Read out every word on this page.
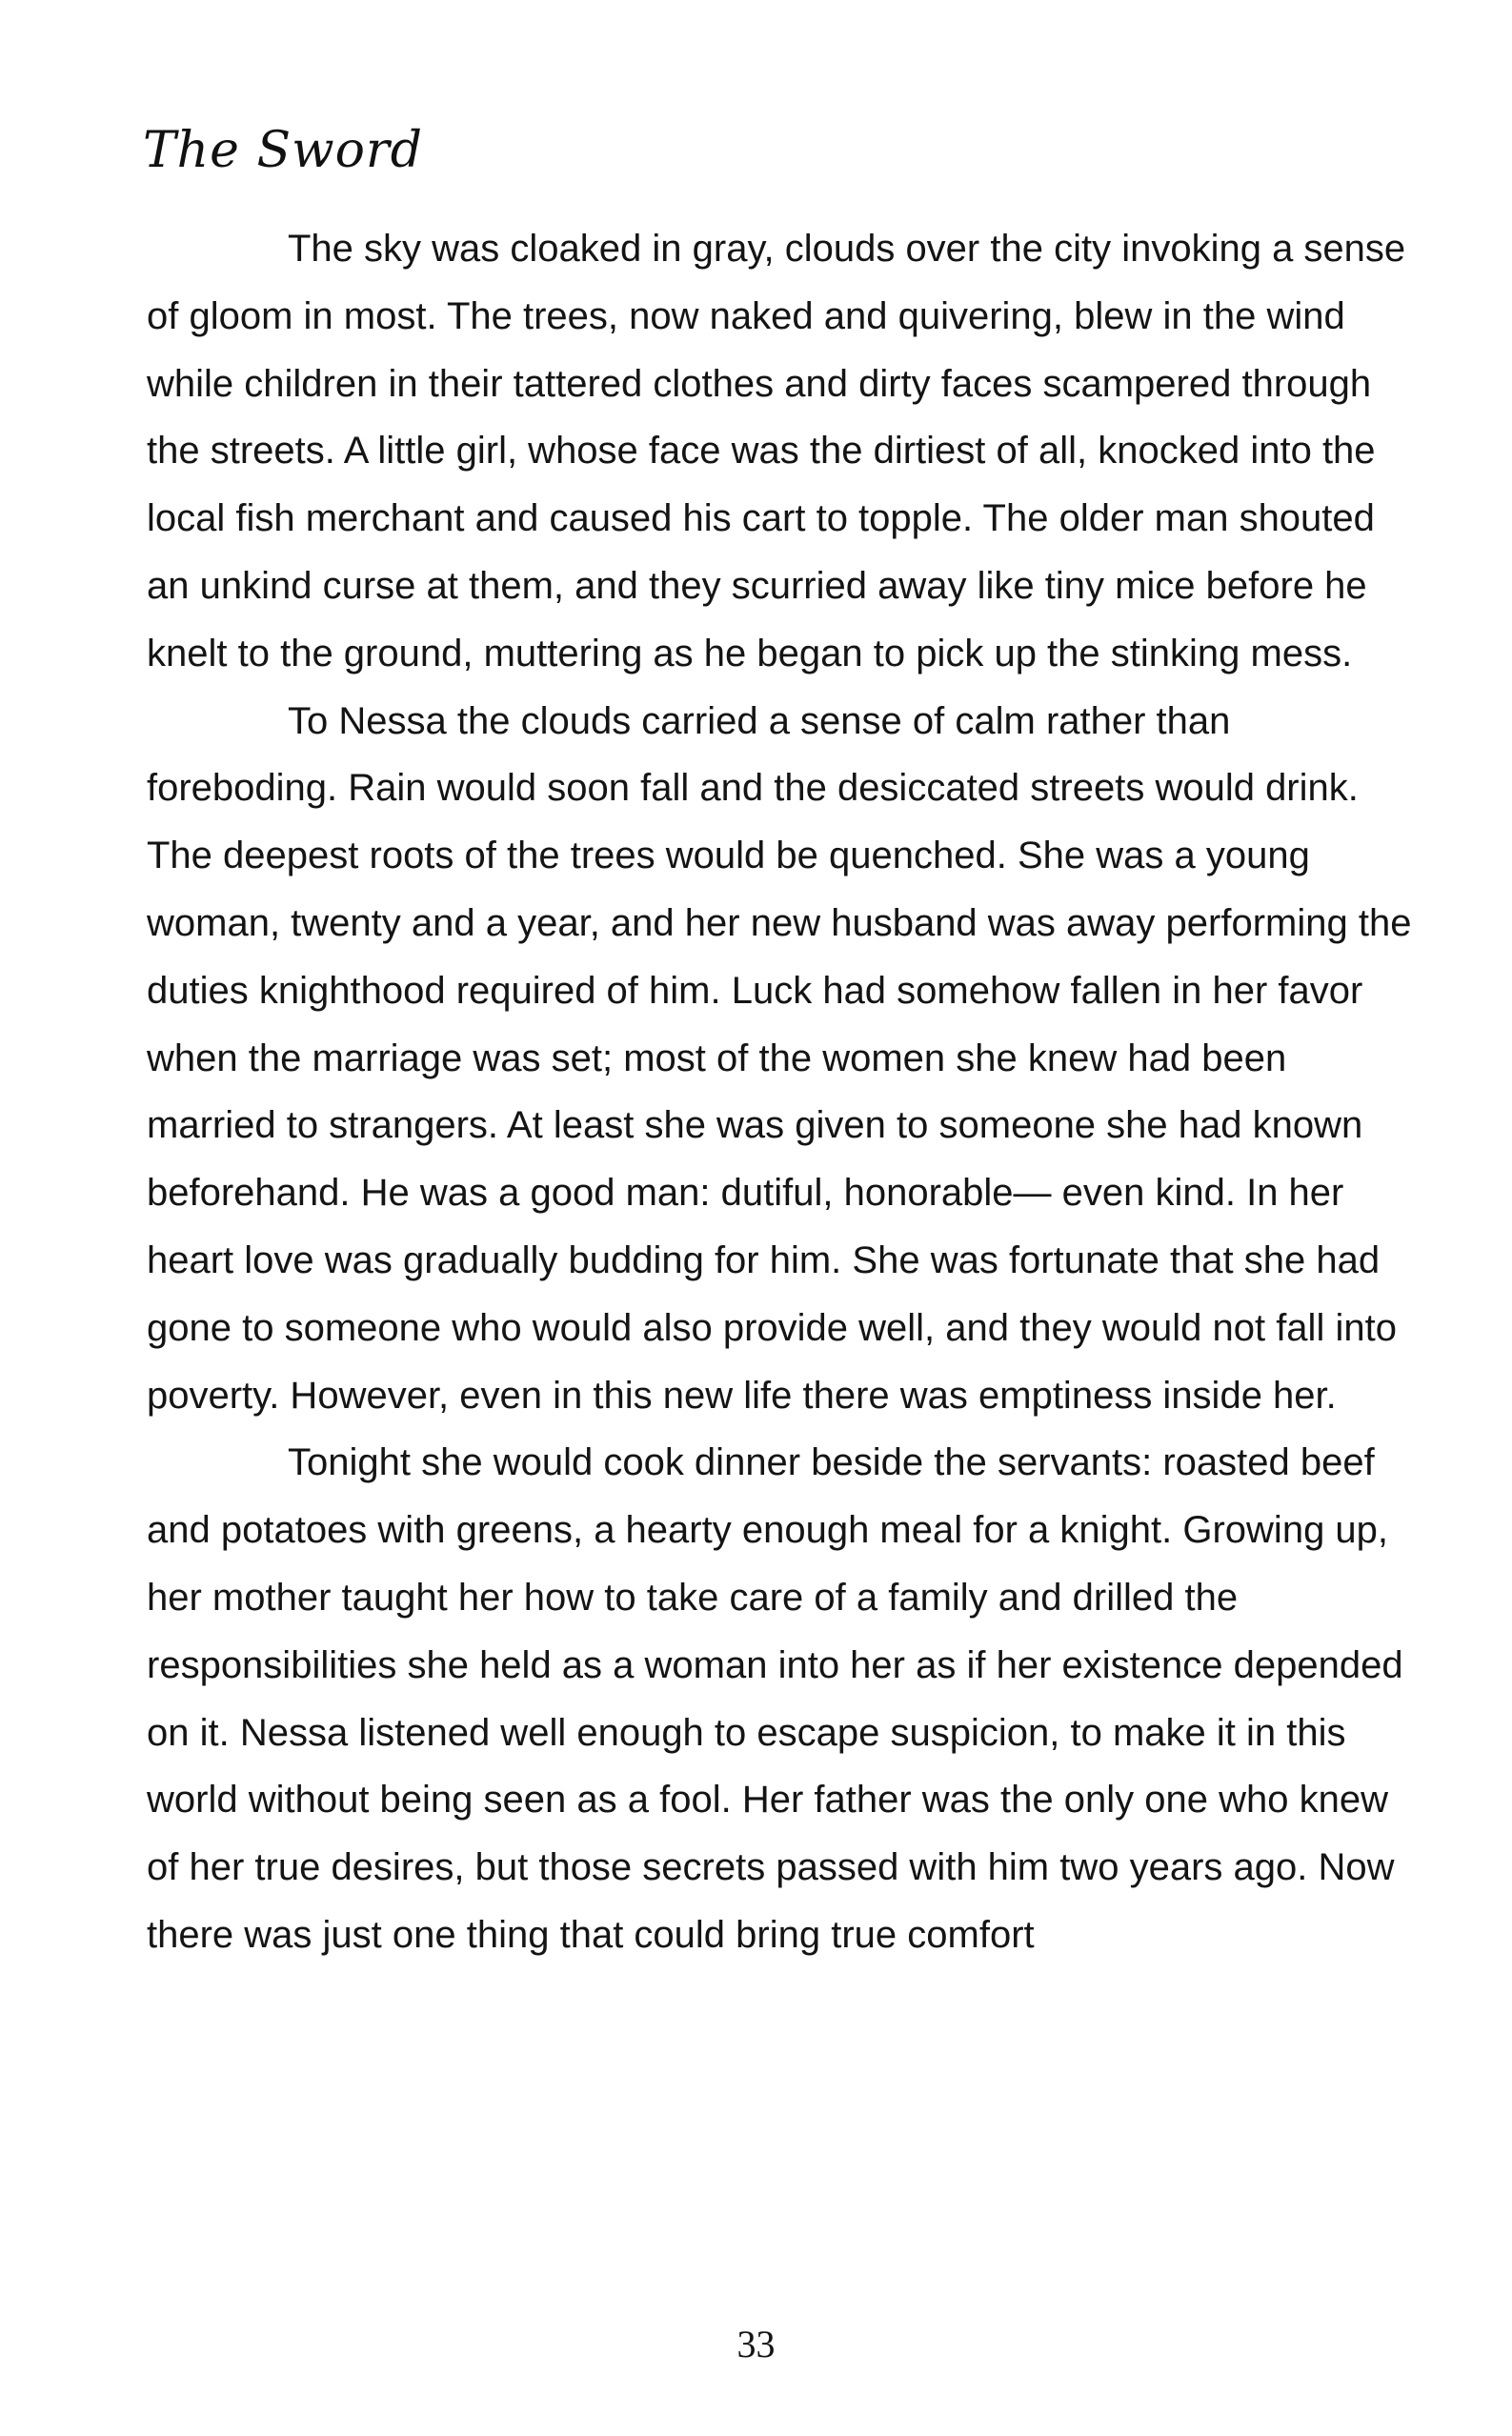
The Sword

The sky was cloaked in gray, clouds over the city invoking a sense of gloom in most. The trees, now naked and quivering, blew in the wind while children in their tattered clothes and dirty faces scampered through the streets. A little girl, whose face was the dirtiest of all, knocked into the local fish merchant and caused his cart to topple. The older man shouted an unkind curse at them, and they scurried away like tiny mice before he knelt to the ground, muttering as he began to pick up the stinking mess.

To Nessa the clouds carried a sense of calm rather than foreboding. Rain would soon fall and the desiccated streets would drink. The deepest roots of the trees would be quenched. She was a young woman, twenty and a year, and her new husband was away performing the duties knighthood required of him. Luck had somehow fallen in her favor when the marriage was set; most of the women she knew had been married to strangers. At least she was given to someone she had known beforehand. He was a good man: dutiful, honorable— even kind. In her heart love was gradually budding for him. She was fortunate that she had gone to someone who would also provide well, and they would not fall into poverty. However, even in this new life there was emptiness inside her.

Tonight she would cook dinner beside the servants: roasted beef and potatoes with greens, a hearty enough meal for a knight. Growing up, her mother taught her how to take care of a family and drilled the responsibilities she held as a woman into her as if her existence depended on it. Nessa listened well enough to escape suspicion, to make it in this world without being seen as a fool. Her father was the only one who knew of her true desires, but those secrets passed with him two years ago. Now there was just one thing that could bring true comfort

33
